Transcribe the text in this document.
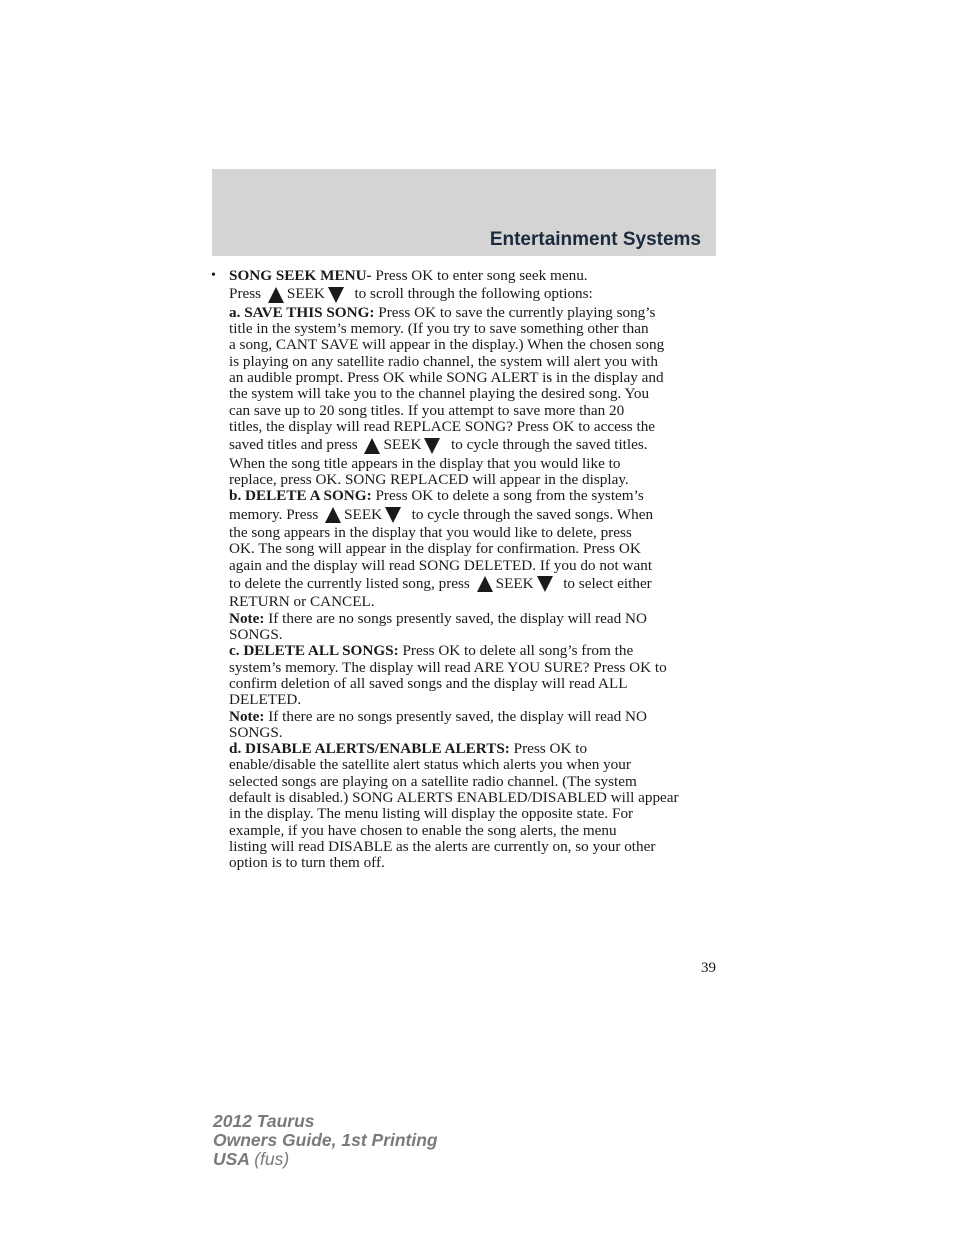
Entertainment Systems
• SONG SEEK MENU- Press OK to enter song seek menu.
Press SEEK to scroll through the following options:
a. SAVE THIS SONG: Press OK to save the currently playing song’s
title in the system’s memory. (If you try to save something other than
a song, CANT SAVE will appear in the display.) When the chosen song
is playing on any satellite radio channel, the system will alert you with
an audible prompt. Press OK while SONG ALERT is in the display and
the system will take you to the channel playing the desired song. You
can save up to 20 song titles. If you attempt to save more than 20
titles, the display will read REPLACE SONG? Press OK to access the
saved titles and press SEEK to cycle through the saved titles.
When the song title appears in the display that you would like to
replace, press OK. SONG REPLACED will appear in the display.
b. DELETE A SONG: Press OK to delete a song from the system’s
memory. Press SEEK to cycle through the saved songs. When
the song appears in the display that you would like to delete, press
OK. The song will appear in the display for confirmation. Press OK
again and the display will read SONG DELETED. If you do not want
to delete the currently listed song, press SEEK to select either
RETURN or CANCEL.
Note: If there are no songs presently saved, the display will read NO
SONGS.
c. DELETE ALL SONGS: Press OK to delete all song’s from the
system’s memory. The display will read ARE YOU SURE? Press OK to
confirm deletion of all saved songs and the display will read ALL
DELETED.
Note: If there are no songs presently saved, the display will read NO
SONGS.
d. DISABLE ALERTS/ENABLE ALERTS: Press OK to
enable/disable the satellite alert status which alerts you when your
selected songs are playing on a satellite radio channel. (The system
default is disabled.) SONG ALERTS ENABLED/DISABLED will appear
in the display. The menu listing will display the opposite state. For
example, if you have chosen to enable the song alerts, the menu
listing will read DISABLE as the alerts are currently on, so your other
option is to turn them off.
39
2012 Taurus
Owners Guide, 1st Printing
USA (fus)
